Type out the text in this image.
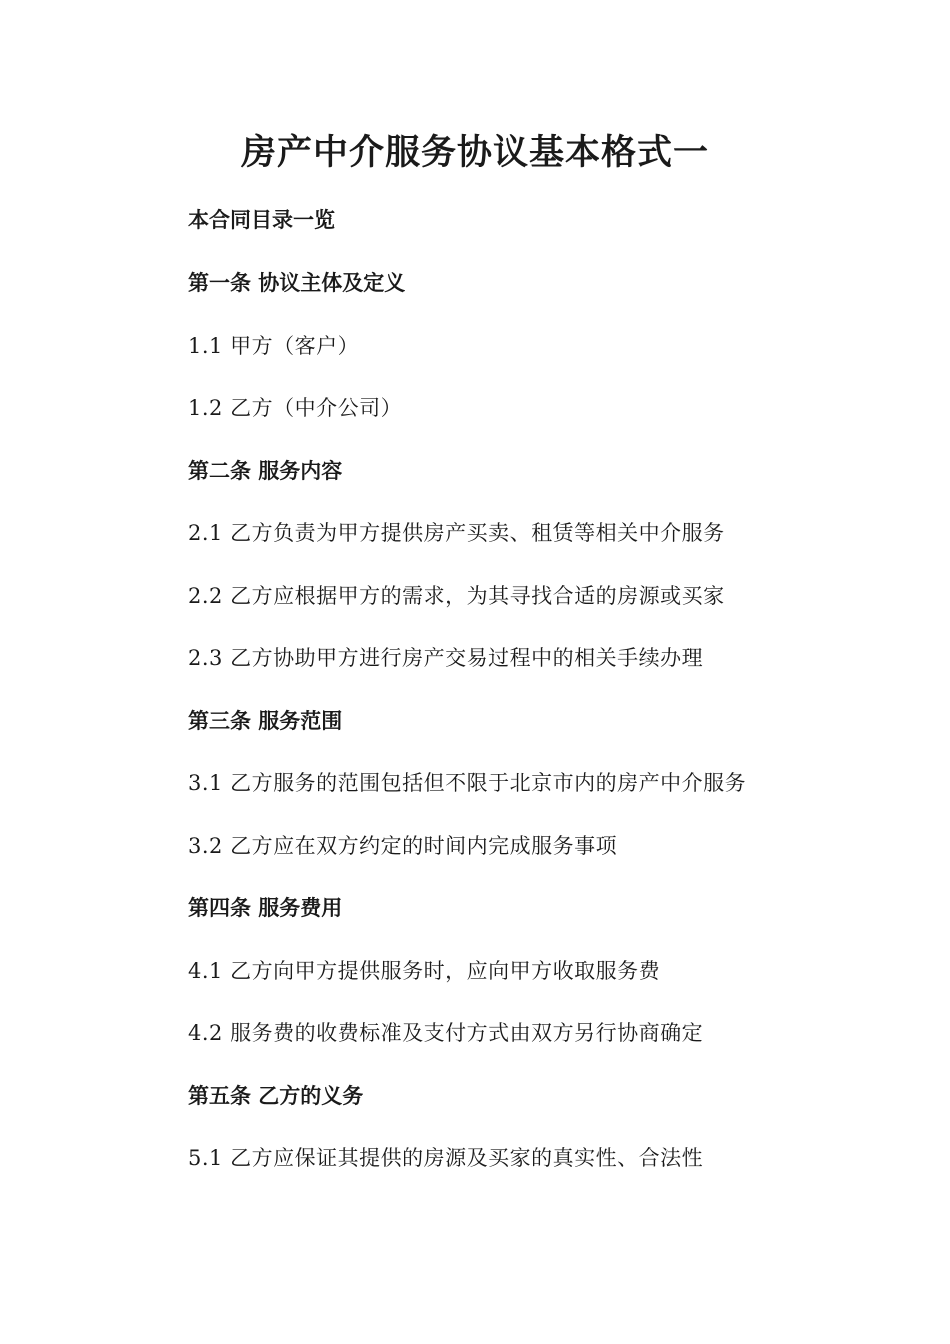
房产中介服务协议基本格式一

本合同目录一览

第一条 协议主体及定义

1.1 甲方（客户）

1.2 乙方（中介公司）

第二条 服务内容

2.1 乙方负责为甲方提供房产买卖、租赁等相关中介服务

2.2 乙方应根据甲方的需求，为其寻找合适的房源或买家

2.3 乙方协助甲方进行房产交易过程中的相关手续办理

第三条 服务范围

3.1 乙方服务的范围包括但不限于北京市内的房产中介服务

3.2 乙方应在双方约定的时间内完成服务事项

第四条 服务费用

4.1 乙方向甲方提供服务时，应向甲方收取服务费

4.2 服务费的收费标准及支付方式由双方另行协商确定

第五条 乙方的义务

5.1 乙方应保证其提供的房源及买家的真实性、合法性
